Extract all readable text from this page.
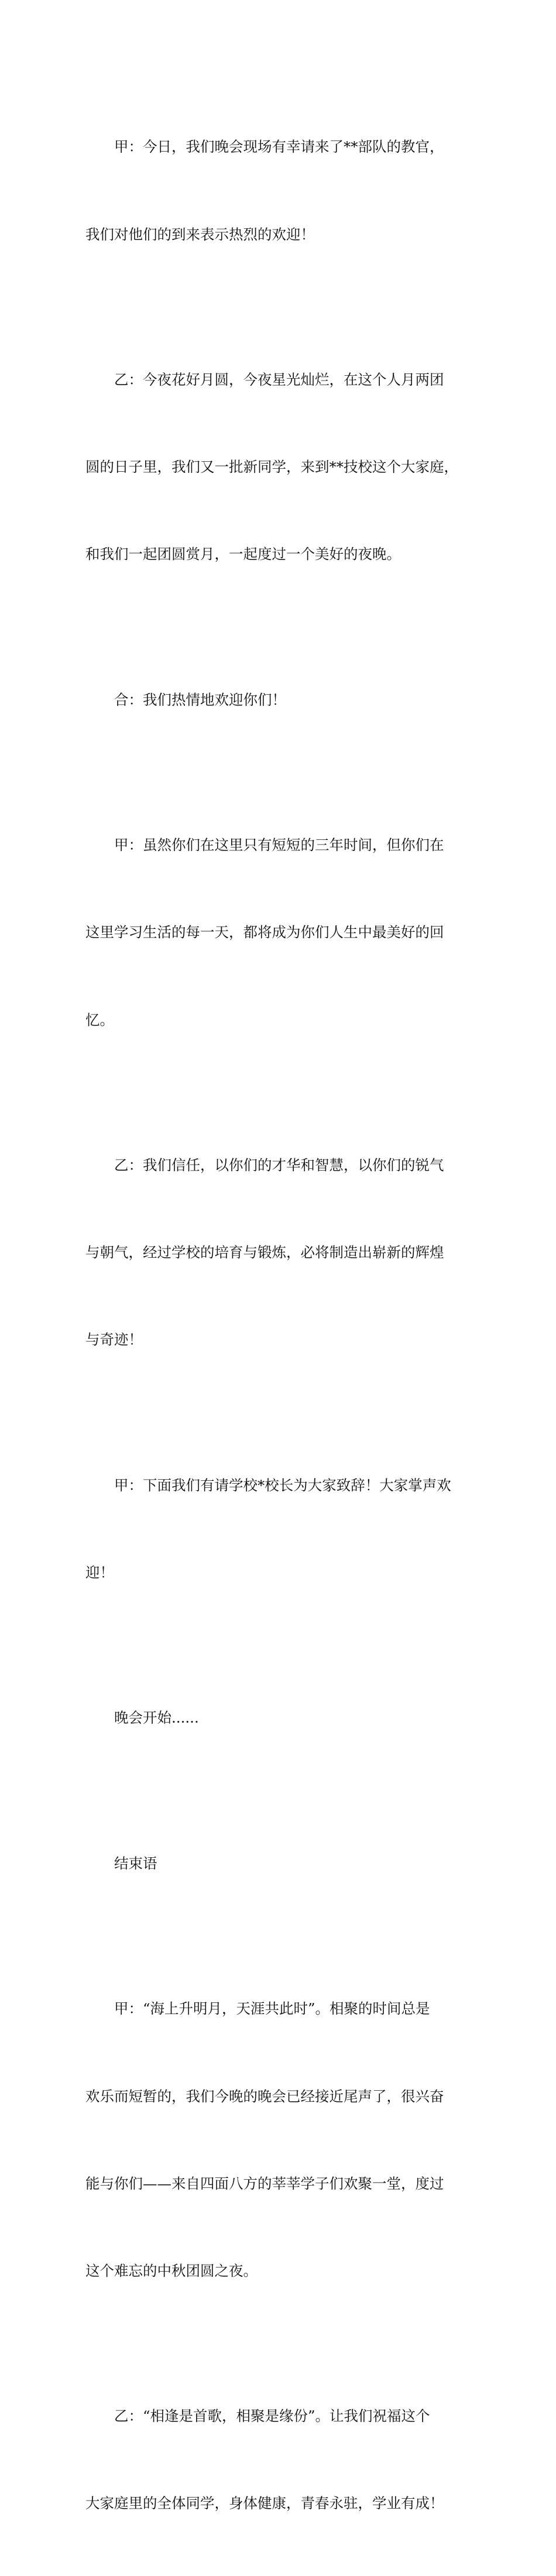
甲：今日，我们晚会现场有幸请来了**部队的教官，

我们对他们的到来表示热烈的欢迎！

乙：今夜花好月圆，今夜星光灿烂，在这个人月两团

圆的日子里，我们又一批新同学，来到**技校这个大家庭，

和我们一起团圆赏月，一起度过一个美好的夜晚。

合：我们热情地欢迎你们！

甲：虽然你们在这里只有短短的三年时间，但你们在

这里学习生活的每一天，都将成为你们人生中最美好的回

忆。

乙：我们信任，以你们的才华和智慧，以你们的锐气

与朝气，经过学校的培育与锻炼，必将制造出崭新的辉煌

与奇迹！

甲：下面我们有请学校*校长为大家致辞！大家掌声欢

迎！

晚会开始......

结束语

甲：“海上升明月，天涯共此时”。相聚的时间总是

欢乐而短暂的，我们今晚的晚会已经接近尾声了，很兴奋

能与你们——来自四面八方的莘莘学子们欢聚一堂，度过

这个难忘的中秋团圆之夜。

乙：“相逢是首歌，相聚是缘份”。让我们祝福这个

大家庭里的全体同学，身体健康，青春永驻，学业有成！
